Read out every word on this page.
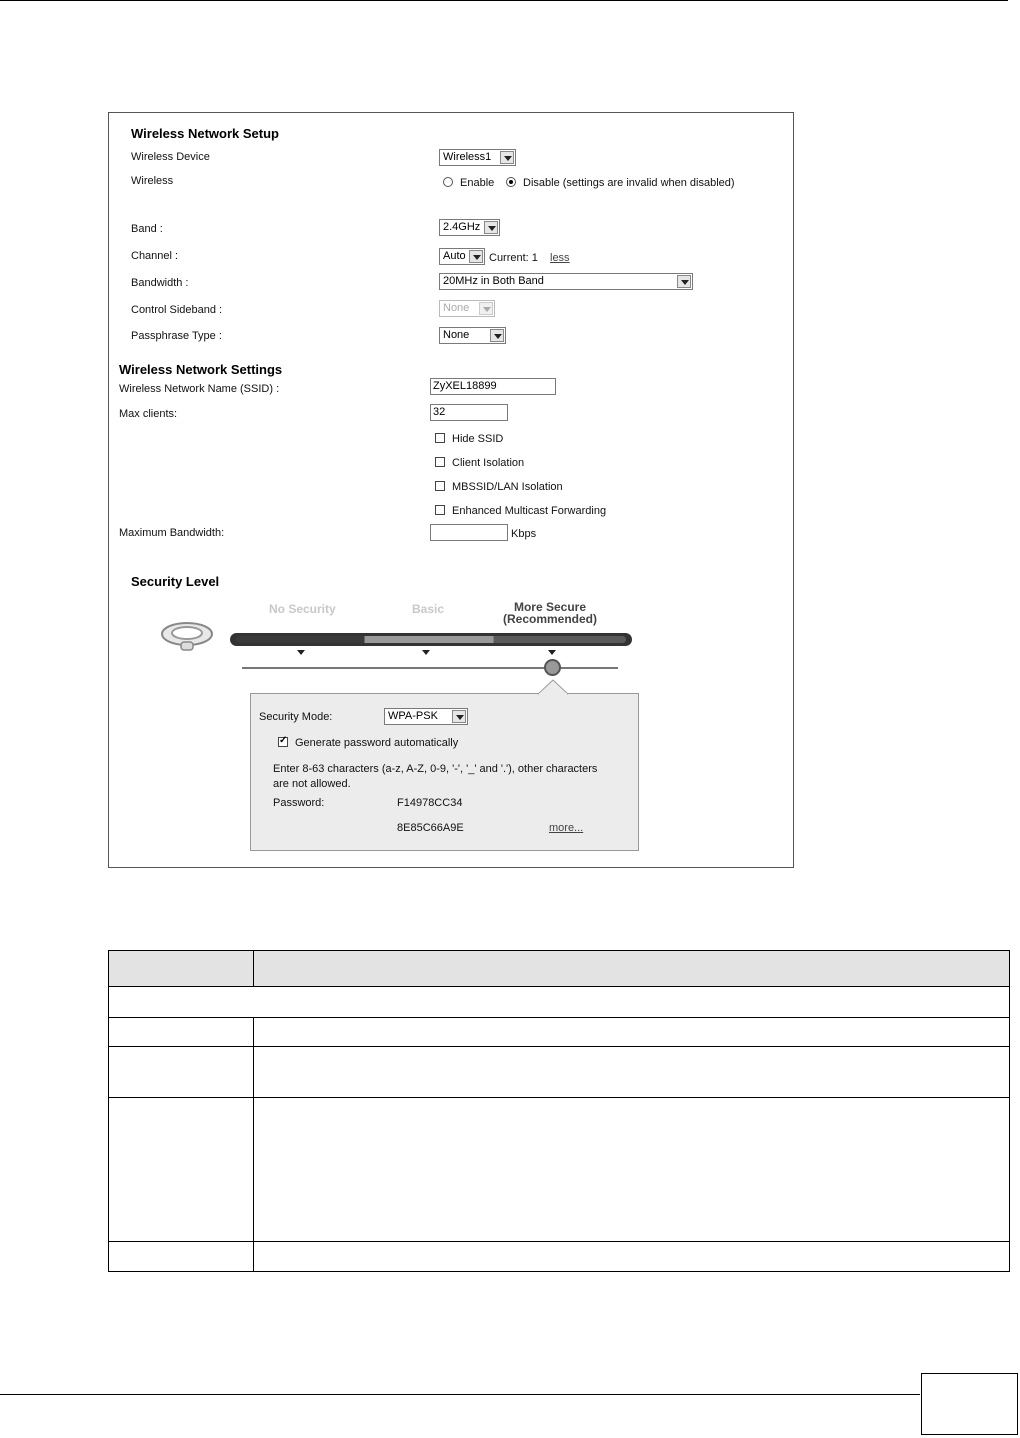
Wireless Network Setup
Wireless Device	Wireless1
Wireless	Enable	Disable (settings are invalid when disabled)
Band :	2.4GHz
Channel :	Auto	Current: 1 less
Bandwidth :	20MHz in Both Band
Control Sideband :	None
Passphrase Type :	None
Wireless Network Settings
Wireless Network Name (SSID) :	ZyXEL18899
Max clients:	32
Hide SSID
Client Isolation
MBSSID/LAN Isolation
Enhanced Multicast Forwarding
Maximum Bandwidth:	Kbps
Security Level
No Security	Basic	More Secure
(Recommended)
Security Mode:	WPA-PSK
✓
Generate password automatically
Enter 8-63 characters (a-z, A-Z, 0-9, '-', '_' and '.'), other characters
are not allowed.
Password:	F14978CC34
8E85C66A9E	more...
